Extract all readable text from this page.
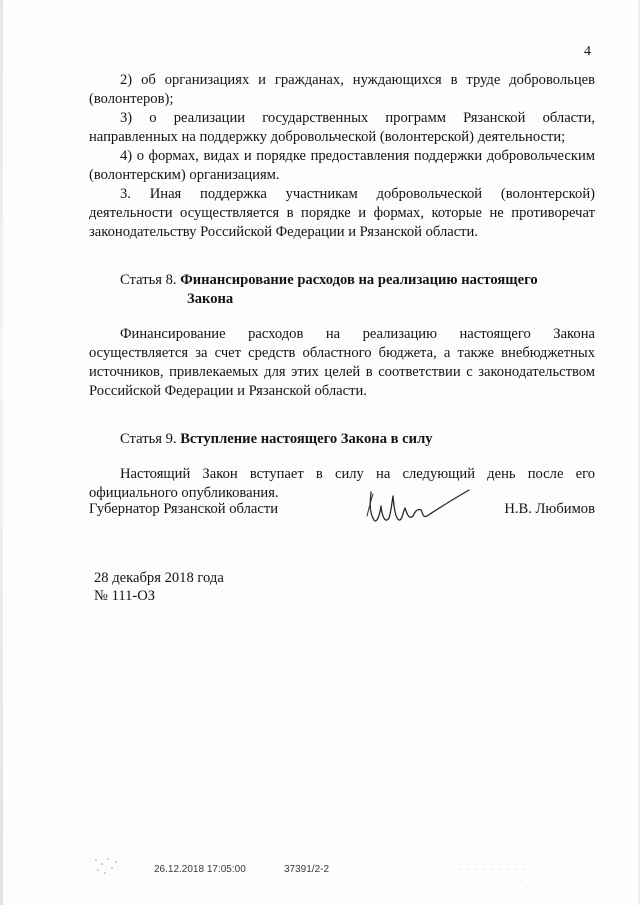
4

2) об организациях и гражданах, нуждающихся в труде добровольцев (волонтеров);

3) о реализации государственных программ Рязанской области, направленных на поддержку добровольческой (волонтерской) деятельности;

4) о формах, видах и порядке предоставления поддержки добровольческим (волонтерским) организациям.

3. Иная поддержка участникам добровольческой (волонтерской) деятельности осуществляется в порядке и формах, которые не противоречат законодательству Российской Федерации и Рязанской области.

Статья 8. Финансирование расходов на реализацию настоящего
Закона

Финансирование расходов на реализацию настоящего Закона осуществляется за счет средств областного бюджета, а также внебюджетных источников, привлекаемых для этих целей в соответствии с законодательством Российской Федерации и Рязанской области.

Статья 9. Вступление настоящего Закона в силу

Настоящий Закон вступает в силу на следующий день после его официального опубликования.

Губернатор Рязанской области	Н.В. Любимов
28 декабря 2018 года
№ 111-ОЗ
26.12.2018 17:05:00	37391/2-2	· · · · · · · · ·
· · · · ·
